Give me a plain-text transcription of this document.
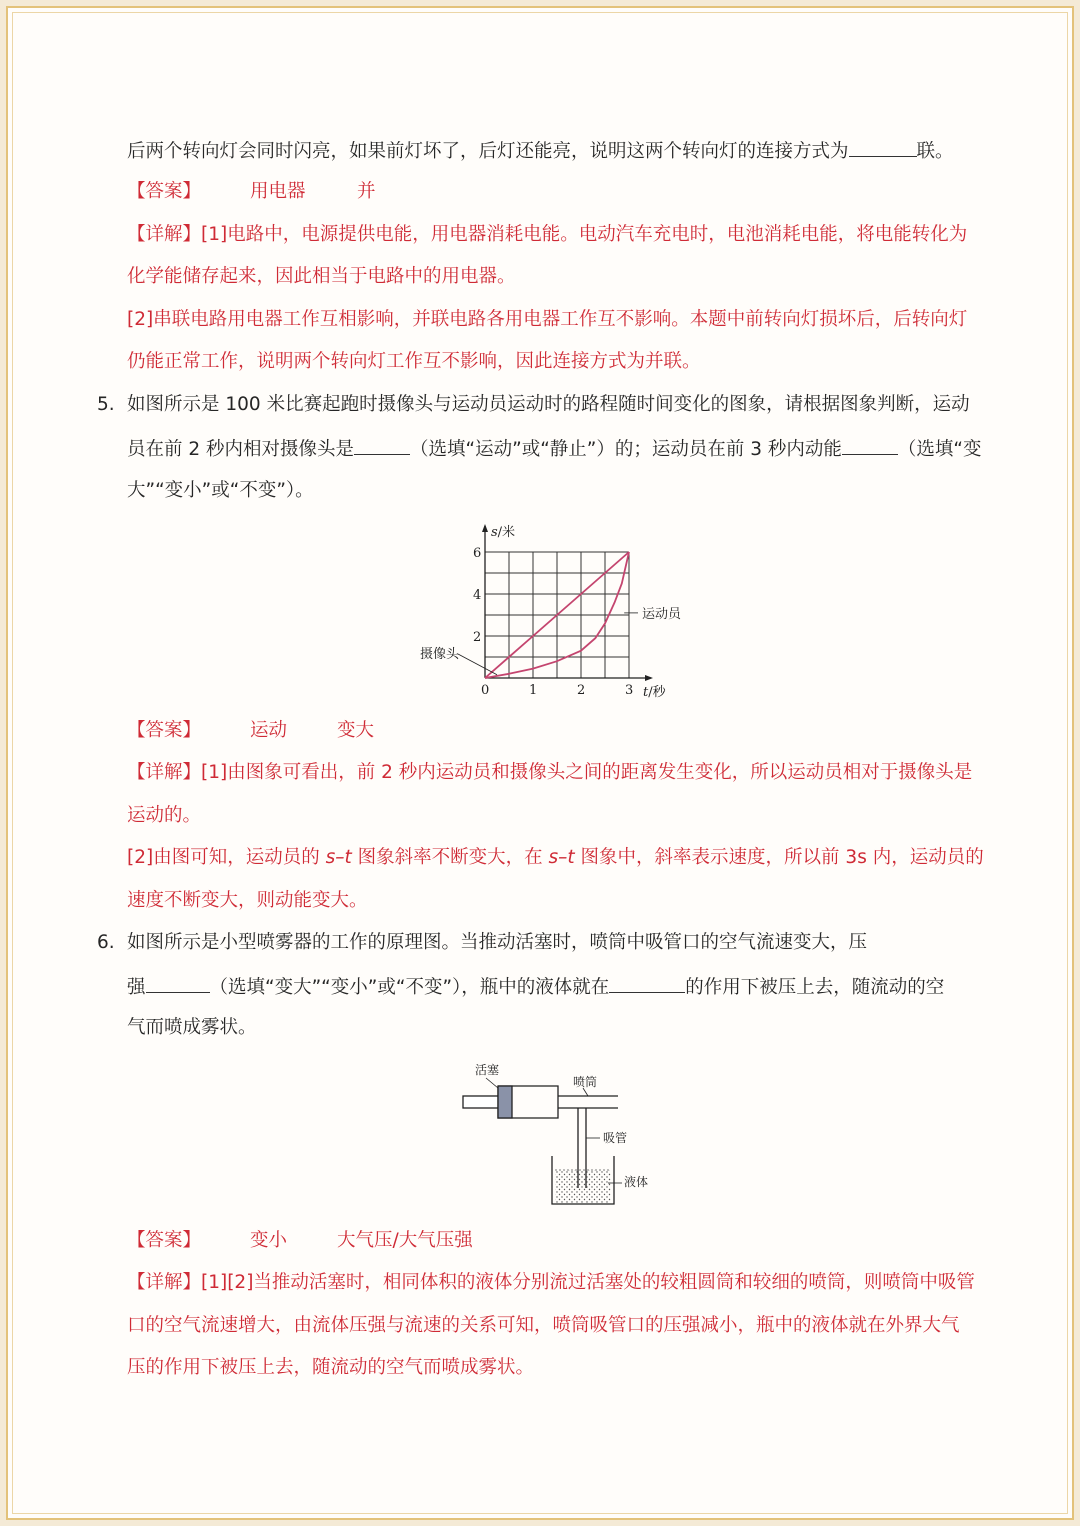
后两个转向灯会同时闪亮，如果前灯坏了，后灯还能亮，说明这两个转向灯的连接方式为	联。
【答案】	用电器	并
【详解】[1]电路中，电源提供电能，用电器消耗电能。电动汽车充电时，电池消耗电能，将电能转化为
化学能储存起来，因此相当于电路中的用电器。
[2]串联电路用电器工作互相影响，并联电路各用电器工作互不影响。本题中前转向灯损坏后，后转向灯
仍能正常工作，说明两个转向灯工作互不影响，因此连接方式为并联。
5. 如图所示是 100 米比赛起跑时摄像头与运动员运动时的路程随时间变化的图象，请根据图象判断，运动
员在前 2 秒内相对摄像头是	（选填“运动”或“静止”）的；运动员在前 3 秒内动能	（选填“变
大”“变小”或“不变”）。
0	1	2	3
2
4
6
s/米
t/秒
摄像头
运动员
【答案】	运动	变大
【详解】[1]由图象可看出，前 2 秒内运动员和摄像头之间的距离发生变化，所以运动员相对于摄像头是
运动的。
[2]由图可知，运动员的 s–t 图象斜率不断变大，在 s–t 图象中，斜率表示速度，所以前 3s 内，运动员的
速度不断变大，则动能变大。
6. 如图所示是小型喷雾器的工作的原理图。当推动活塞时，喷筒中吸管口的空气流速变大，压
强	（选填“变大”“变小”或“不变”），瓶中的液体就在	的作用下被压上去，随流动的空
气而喷成雾状。
活塞
喷筒
吸管
液体
【答案】	变小	大气压/大气压强
【详解】[1][2]当推动活塞时，相同体积的液体分别流过活塞处的较粗圆筒和较细的喷筒，则喷筒中吸管
口的空气流速增大，由流体压强与流速的关系可知，喷筒吸管口的压强减小，瓶中的液体就在外界大气
压的作用下被压上去，随流动的空气而喷成雾状。
